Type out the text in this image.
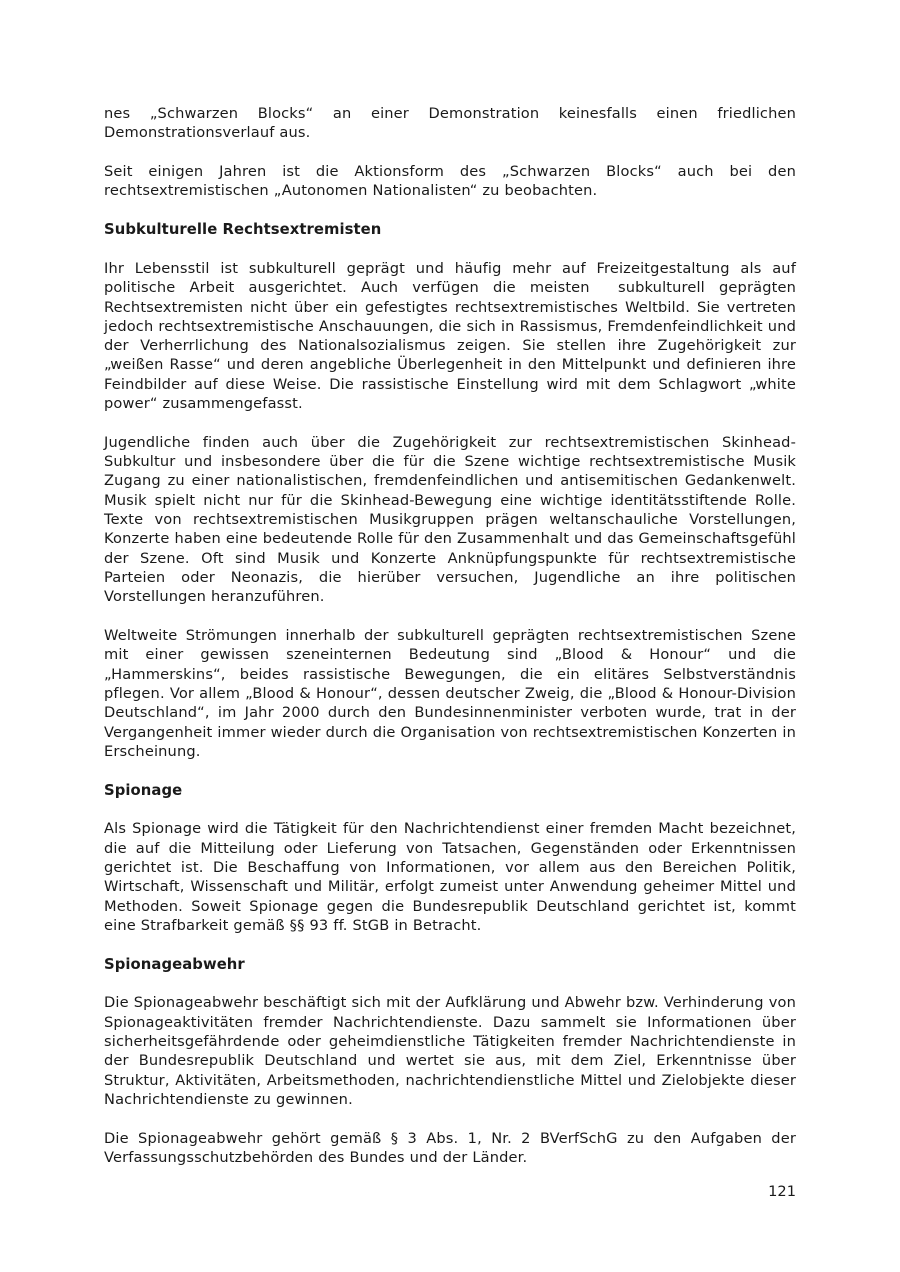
nes „Schwarzen Blocks“ an einer Demonstration keinesfalls einen friedlichen Demonstrationsverlauf aus.
Seit einigen Jahren ist die Aktionsform des „Schwarzen Blocks“ auch bei den rechtsextremistischen „Autonomen Nationalisten“ zu beobachten.
Subkulturelle Rechtsextremisten
Ihr Lebensstil ist subkulturell geprägt und häufig mehr auf Freizeitgestaltung als auf politische Arbeit ausgerichtet. Auch verfügen die meisten  subkulturell geprägten Rechtsextremisten nicht über ein gefestigtes rechtsextremistisches Weltbild. Sie vertreten jedoch rechtsextremistische Anschauungen, die sich in Rassismus, Fremdenfeindlichkeit und der Verherrlichung des Nationalsozialismus zeigen. Sie stellen ihre Zugehörigkeit zur „weißen Rasse“ und deren angebliche Überlegenheit in den Mittelpunkt und definieren ihre Feindbilder auf diese Weise. Die rassistische Einstellung wird mit dem Schlagwort „white power“ zusammengefasst.
Jugendliche finden auch über die Zugehörigkeit zur rechtsextremistischen Skinhead-Subkultur und insbesondere über die für die Szene wichtige rechtsextremistische Musik Zugang zu einer nationalistischen, fremdenfeindlichen und antisemitischen Gedankenwelt. Musik spielt nicht nur für die Skinhead-Bewegung eine wichtige identitätsstiftende Rolle. Texte von rechtsextremistischen Musikgruppen prägen weltanschauliche Vorstellungen, Konzerte haben eine bedeutende Rolle für den Zusammenhalt und das Gemeinschaftsgefühl der Szene. Oft sind Musik und Konzerte Anknüpfungspunkte für rechtsextremistische Parteien oder Neonazis, die hierüber versuchen, Jugendliche an ihre politischen Vorstellungen heranzuführen.
Weltweite Strömungen innerhalb der subkulturell geprägten rechtsextremistischen Szene mit einer gewissen szeneinternen Bedeutung sind „Blood & Honour“ und die „Hammerskins“, beides rassistische Bewegungen, die ein elitäres Selbstverständnis pflegen. Vor allem „Blood & Honour“, dessen deutscher Zweig, die „Blood & Honour-Division Deutschland“, im Jahr 2000 durch den Bundesinnenminister verboten wurde, trat in der Vergangenheit immer wieder durch die Organisation von rechtsextremistischen Konzerten in Erscheinung.
Spionage
Als Spionage wird die Tätigkeit für den Nachrichtendienst einer fremden Macht bezeichnet, die auf die Mitteilung oder Lieferung von Tatsachen, Gegenständen oder Erkenntnissen gerichtet ist. Die Beschaffung von Informationen, vor allem aus den Bereichen Politik, Wirtschaft, Wissenschaft und Militär, erfolgt zumeist unter Anwendung geheimer Mittel und Methoden. Soweit Spionage gegen die Bundesrepublik Deutschland gerichtet ist, kommt eine Strafbarkeit gemäß §§ 93 ff. StGB in Betracht.
Spionageabwehr
Die Spionageabwehr beschäftigt sich mit der Aufklärung und Abwehr bzw. Verhinderung von Spionageaktivitäten fremder Nachrichtendienste. Dazu sammelt sie Informationen über sicherheitsgefährdende oder geheimdienstliche Tätigkeiten fremder Nachrichtendienste in der Bundesrepublik Deutschland und wertet sie aus, mit dem Ziel, Erkenntnisse über Struktur, Aktivitäten, Arbeitsmethoden, nachrichtendienstliche Mittel und Zielobjekte dieser Nachrichtendienste zu gewinnen.
Die Spionageabwehr gehört gemäß § 3 Abs. 1, Nr. 2 BVerfSchG zu den Aufgaben der Verfassungsschutzbehörden des Bundes und der Länder.
121
